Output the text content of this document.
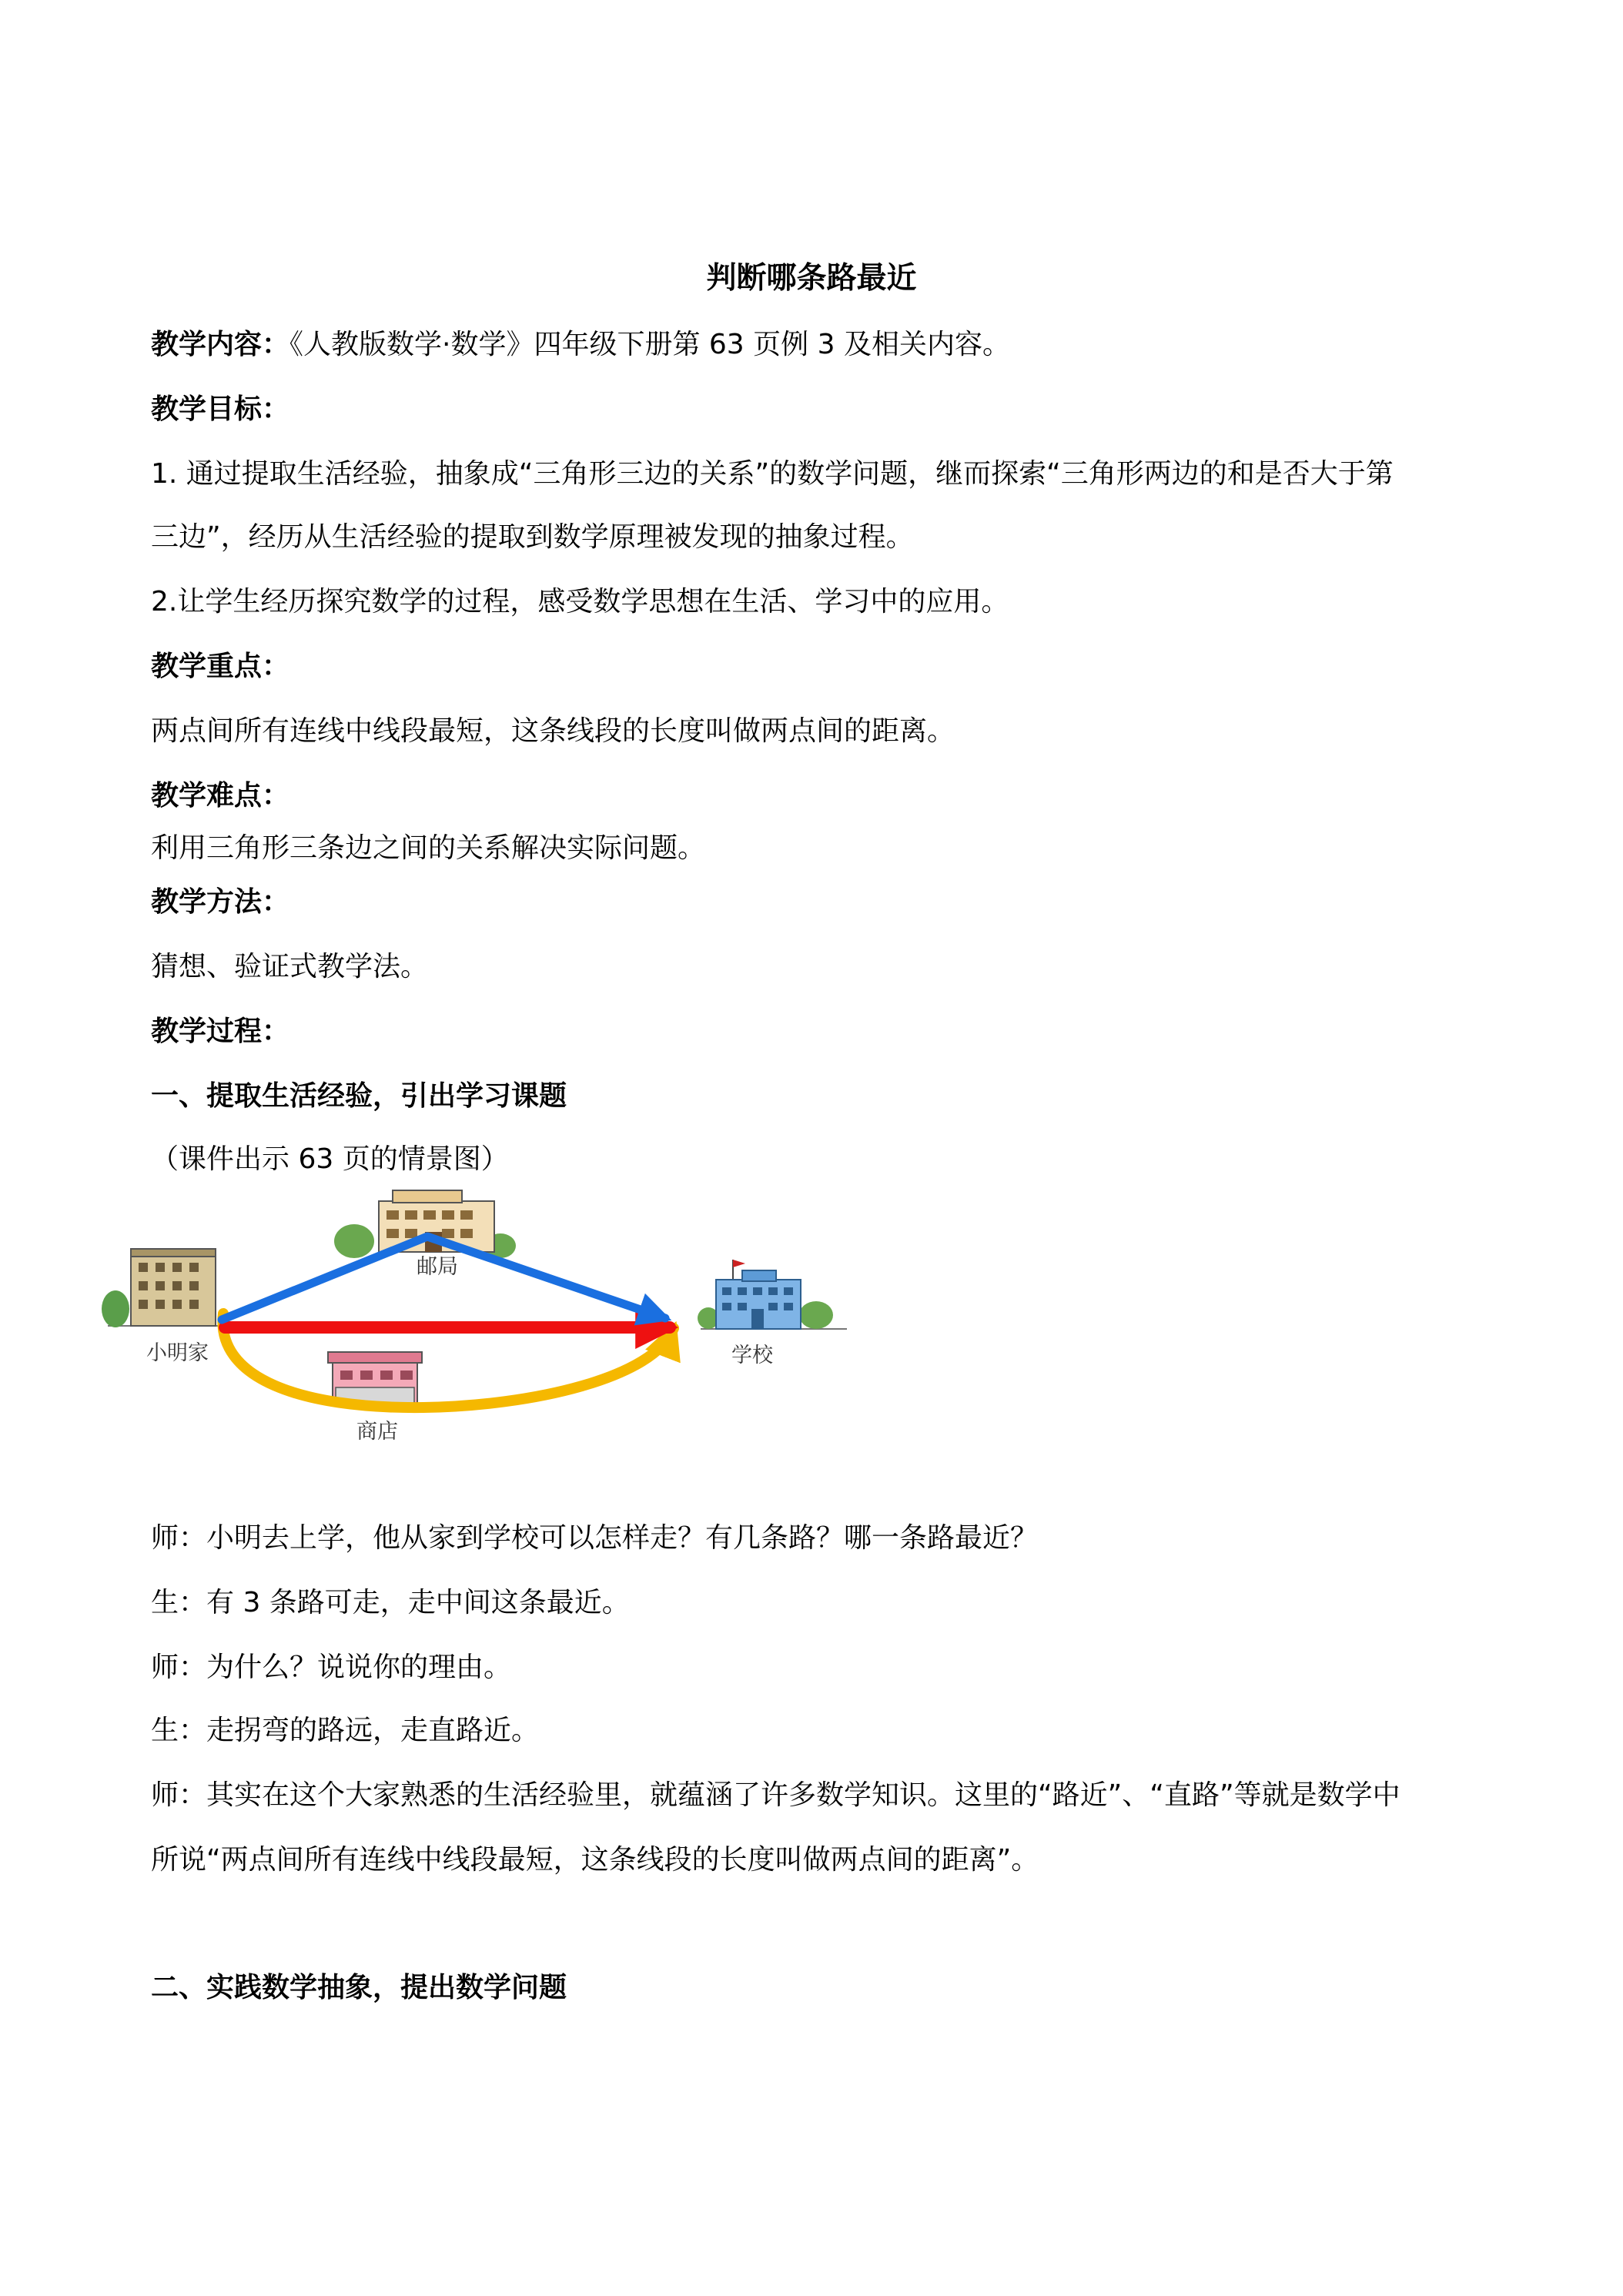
判断哪条路最近
教学内容：《人教版数学·数学》四年级下册第 63 页例 3 及相关内容。
教学目标：
1. 通过提取生活经验，抽象成“三角形三边的关系”的数学问题，继而探索“三角形两边的和是否大于第
三边”，经历从生活经验的提取到数学原理被发现的抽象过程。
2.让学生经历探究数学的过程，感受数学思想在生活、学习中的应用。
教学重点：
两点间所有连线中线段最短，这条线段的长度叫做两点间的距离。
教学难点：
利用三角形三条边之间的关系解决实际问题。
教学方法：
猜想、验证式教学法。
教学过程：
一、提取生活经验，引出学习课题
（课件出示 63 页的情景图）
小明家
邮局
学校
商店
师：小明去上学，他从家到学校可以怎样走？有几条路？哪一条路最近？
生：有 3 条路可走，走中间这条最近。
师：为什么？说说你的理由。
生：走拐弯的路远，走直路近。
师：其实在这个大家熟悉的生活经验里，就蕴涵了许多数学知识。这里的“路近”、“直路”等就是数学中
所说“两点间所有连线中线段最短，这条线段的长度叫做两点间的距离”。
二、实践数学抽象，提出数学问题
